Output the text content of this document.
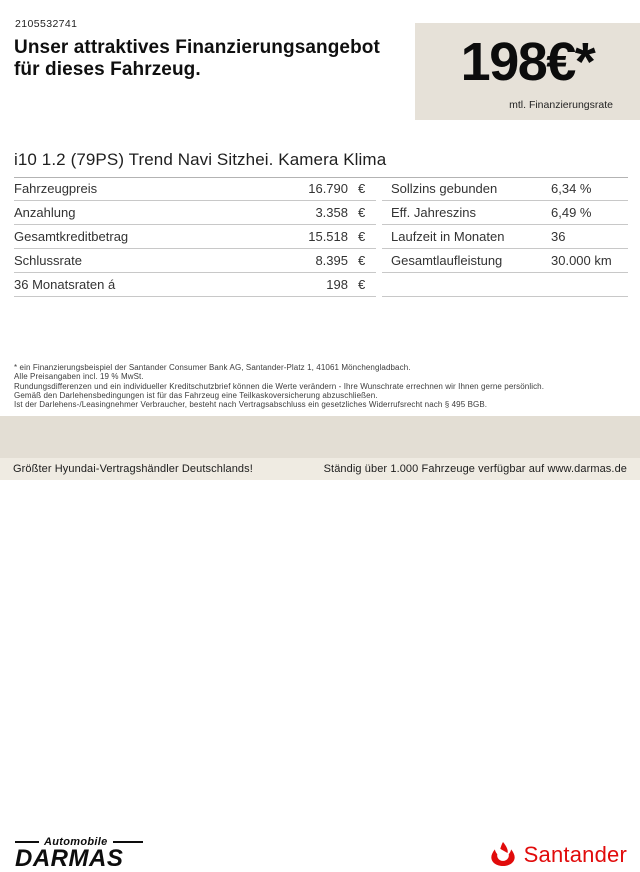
2105532741
Unser attraktives Finanzierungsangebot
für dieses Fahrzeug.	198€*
mtl. Finanzierungsrate
i10 1.2 (79PS) Trend Navi Sitzhei. Kamera Klima
Fahrzeugpreis	16.790 €
Anzahlung	3.358 €
Gesamtkreditbetrag	15.518 €
Schlussrate	8.395 €
36 Monatsraten á	198 €
Sollzins gebunden	6,34 %
Eff. Jahreszins	6,49 %
Laufzeit in Monaten	36
Gesamtlaufleistung	30.000 km
* ein Finanzierungsbeispiel der Santander Consumer Bank AG, Santander-Platz 1, 41061 Mönchengladbach.
Alle Preisangaben incl. 19 % MwSt.
Rundungsdifferenzen und ein individueller Kreditschutzbrief können die Werte verändern - Ihre Wunschrate errechnen wir Ihnen gerne persönlich.
Gemäß den Darlehensbedingungen ist für das Fahrzeug eine Teilkaskoversicherung abzuschließen.
Ist der Darlehens-/Leasingnehmer Verbraucher, besteht nach Vertragsabschluss ein gesetzliches Widerrufsrecht nach § 495 BGB.
Automobile
DARMAS	Santander
Größter Hyundai-Vertragshändler Deutschlands!	Ständig über 1.000 Fahrzeuge verfügbar auf www.darmas.de
